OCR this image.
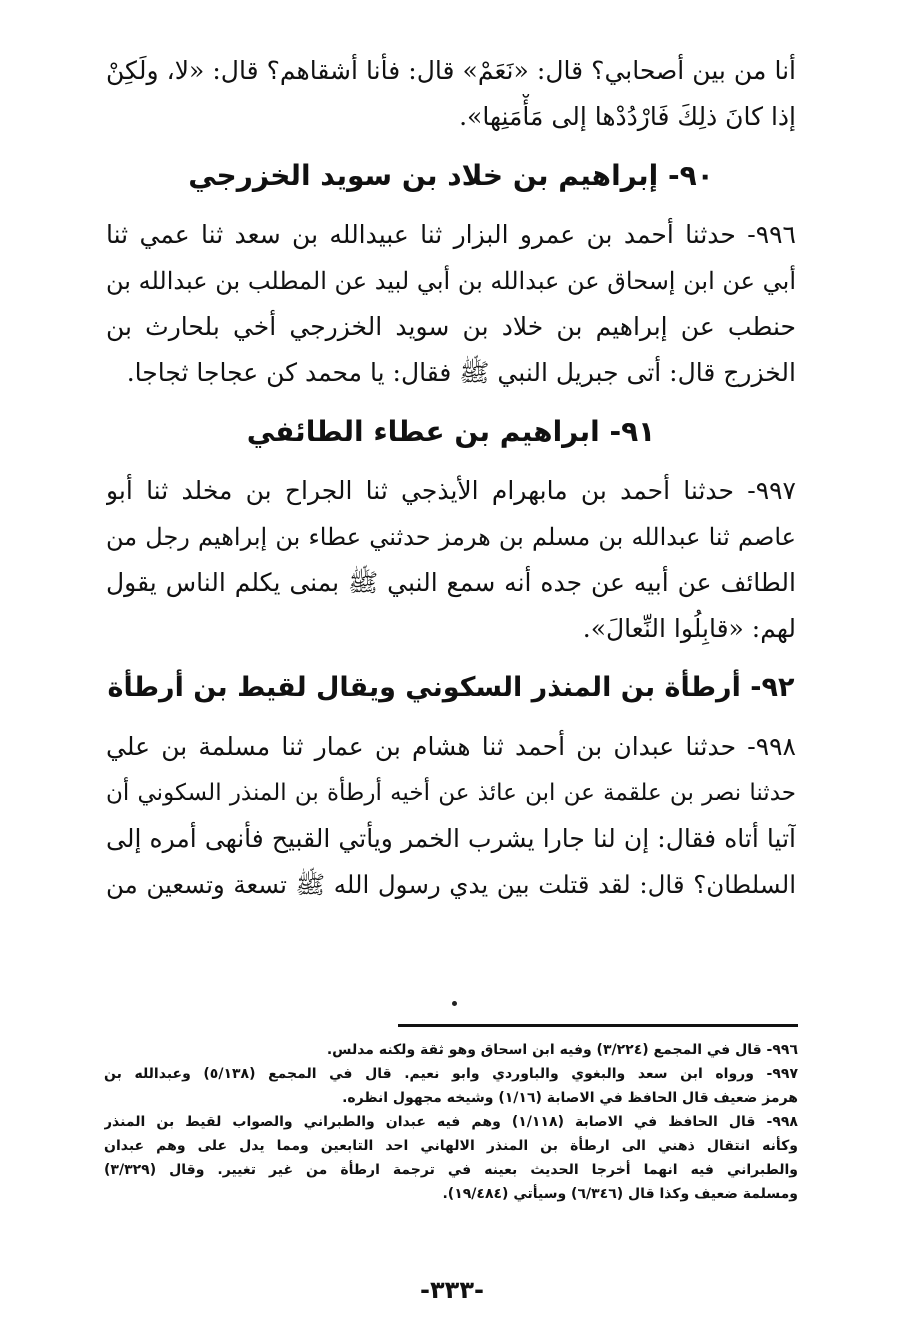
أنا من بين أصحابي؟ قال: «نَعَمْ» قال: فأنا أشقاهم؟ قال: «لا، ولَكِنْ
إذا كانَ ذلِكَ فَارْدُدْها إلى مَأْمَنِها».
٩٠- إبراهيم بن خلاد بن سويد الخزرجي
٩٩٦- حدثنا أحمد بن عمرو البزار ثنا عبيدالله بن سعد ثنا عمي ثنا
أبي عن ابن إسحاق عن عبدالله بن أبي لبيد عن المطلب بن عبدالله بن
حنطب عن إبراهيم بن خلاد بن سويد الخزرجي أخي بلحارث بن
الخزرج قال: أتى جبريل النبي ﷺ فقال: يا محمد كن عجاجا ثجاجا.
٩١- ابراهيم بن عطاء الطائفي
٩٩٧- حدثنا أحمد بن مابهرام الأيذجي ثنا الجراح بن مخلد ثنا أبو
عاصم ثنا عبدالله بن مسلم بن هرمز حدثني عطاء بن إبراهيم رجل من
الطائف عن أبيه عن جده أنه سمع النبي ﷺ بمنى يكلم الناس يقول
لهم: «قابِلُوا النِّعالَ».
٩٢- أرطأة بن المنذر السكوني ويقال لقيط بن أرطأة
٩٩٨- حدثنا عبدان بن أحمد ثنا هشام بن عمار ثنا مسلمة بن علي
حدثنا نصر بن علقمة عن ابن عائذ عن أخيه أرطأة بن المنذر السكوني أن
آتيا أتاه فقال: إن لنا جارا يشرب الخمر ويأتي القبيح فأنهى أمره إلى
السلطان؟ قال: لقد قتلت بين يدي رسول الله ﷺ تسعة وتسعين من
٩٩٦- قال في المجمع (٣/٢٢٤) وفيه ابن اسحاق وهو ثقة ولكنه مدلس.
٩٩٧- ورواه ابن سعد والبغوي والباوردي وابو نعيم. قال في المجمع (٥/١٣٨) وعبدالله بن
هرمز ضعيف قال الحافظ في الاصابة (١/١٦) وشيخه مجهول انظره.
٩٩٨- قال الحافظ في الاصابة (١/١١٨) وهم فيه عبدان والطبراني والصواب لقيط بن المنذر
وكأنه انتقال ذهني الى ارطأة بن المنذر الالهاني احد التابعين ومما يدل على وهم عبدان
والطبراني فيه انهما أخرجا الحديث بعينه في ترجمة ارطأة من غير تغيير. وقال (٣/٣٢٩)
ومسلمة ضعيف وكذا قال (٦/٣٤٦) وسيأتي (١٩/٤٨٤).
-٣٣٣-
